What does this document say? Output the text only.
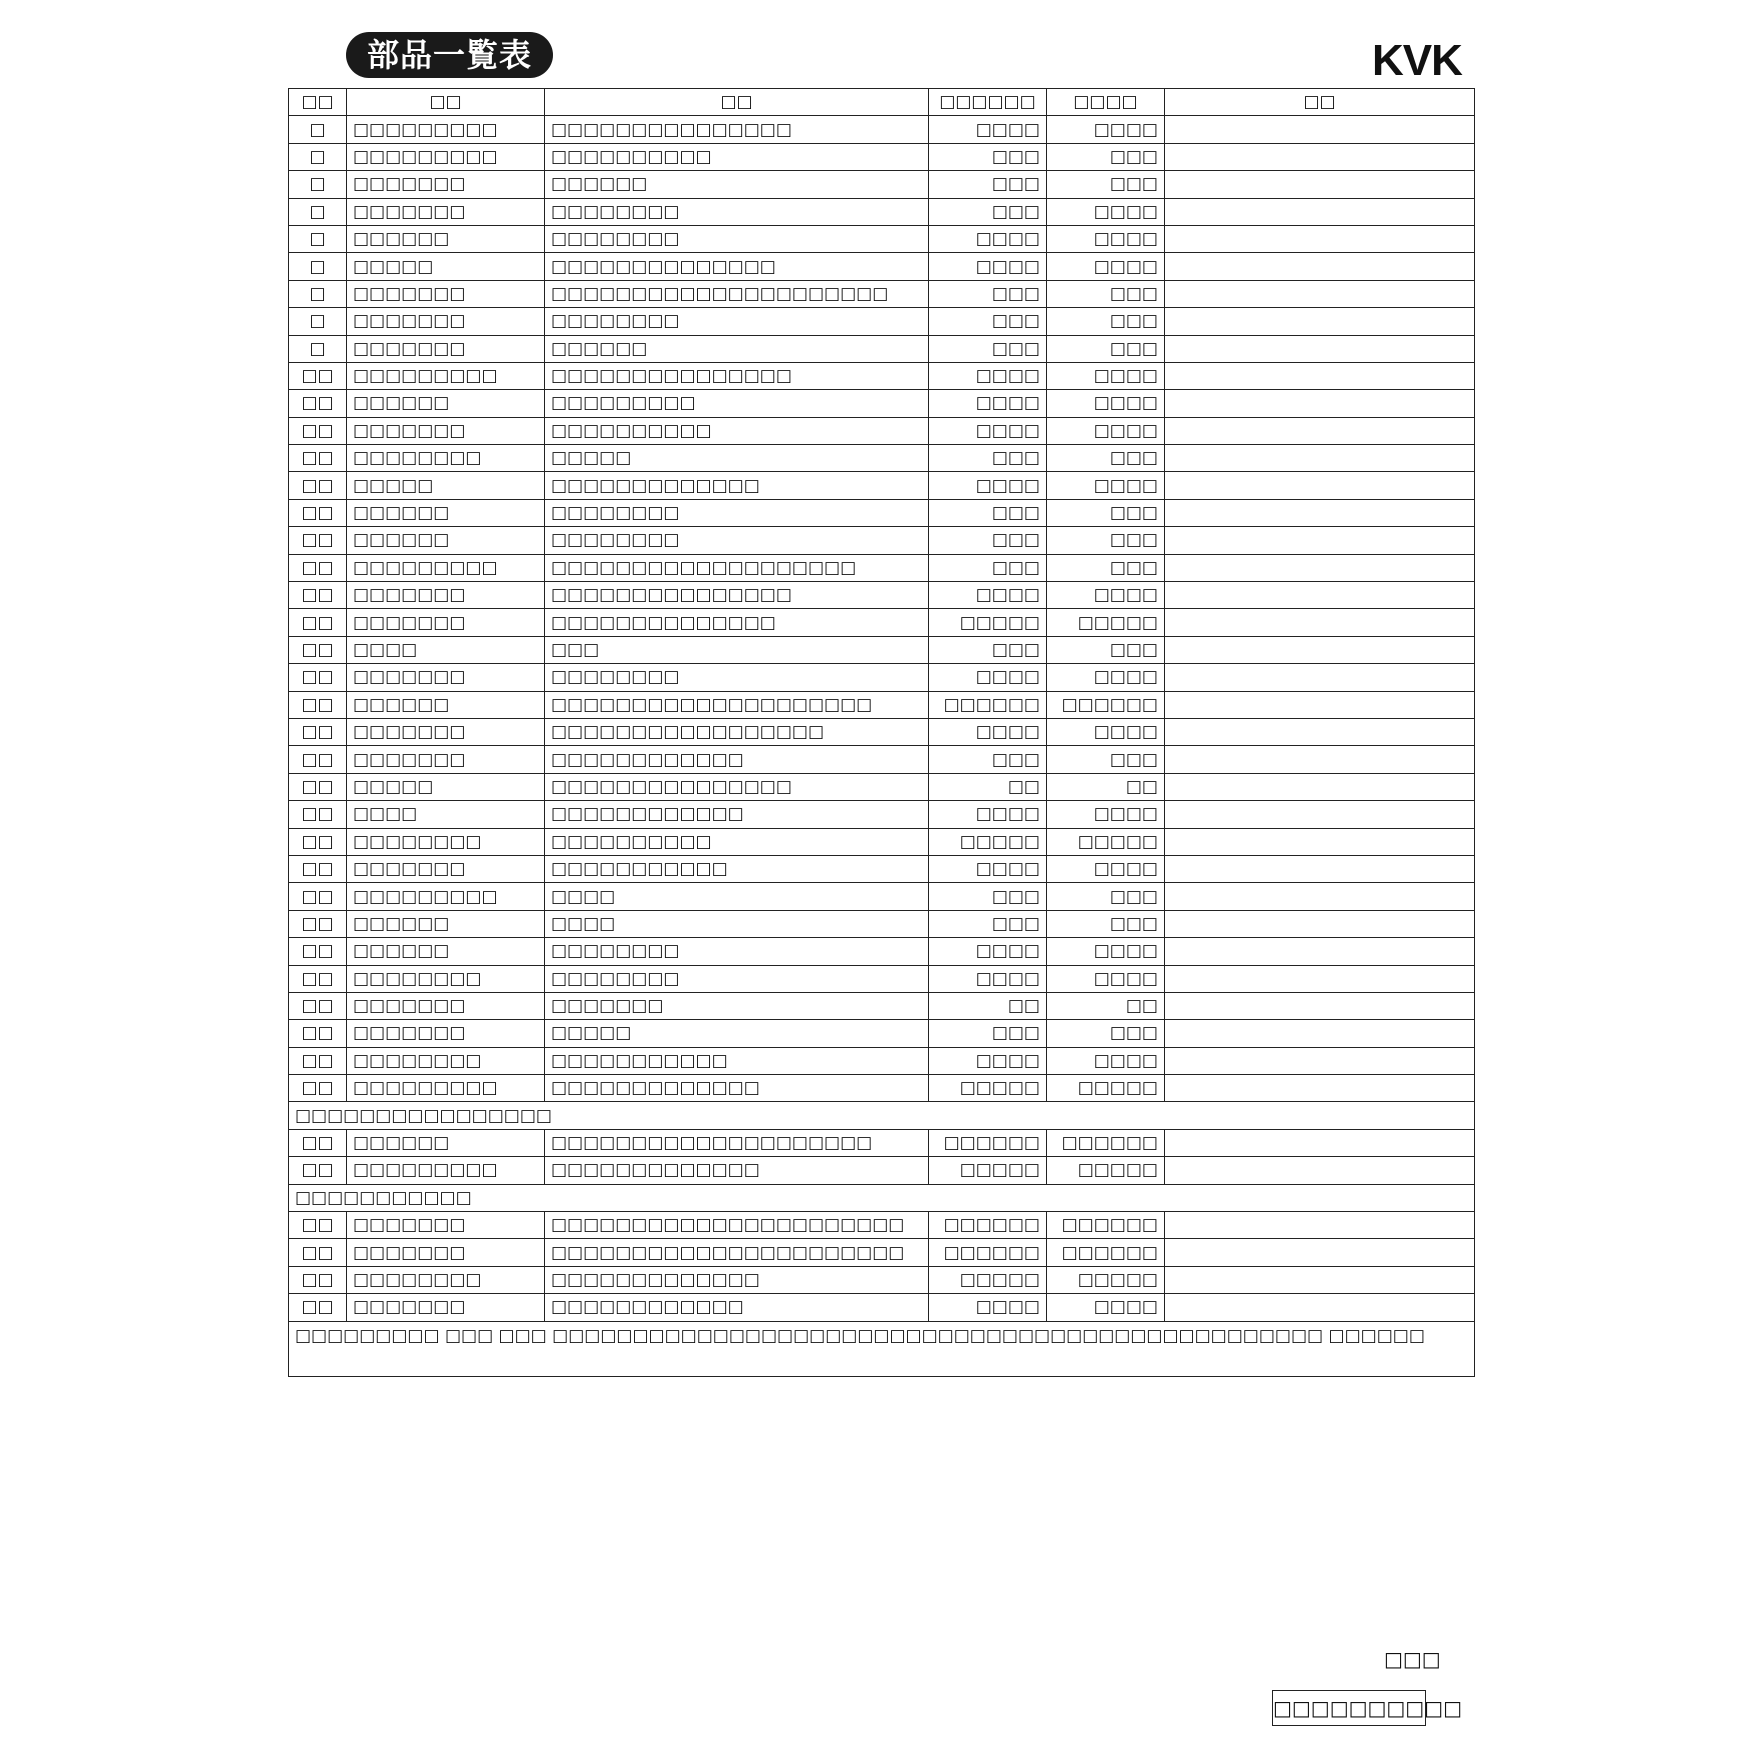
部品一覧表	KVK
□□	□□	□□	□□□□□□	□□□□	□□
□	□□□□□□□□□	□□□□□□□□□□□□□□□	□□□□	□□□□	
□	□□□□□□□□□	□□□□□□□□□□	□□□	□□□	
□	□□□□□□□	□□□□□□	□□□	□□□	
□	□□□□□□□	□□□□□□□□	□□□	□□□□	
□	□□□□□□	□□□□□□□□	□□□□	□□□□	
□	□□□□□	□□□□□□□□□□□□□□	□□□□	□□□□	
□	□□□□□□□	□□□□□□□□□□□□□□□□□□□□□	□□□	□□□	
□	□□□□□□□	□□□□□□□□	□□□	□□□	
□	□□□□□□□	□□□□□□	□□□	□□□	
□□	□□□□□□□□□	□□□□□□□□□□□□□□□	□□□□	□□□□	
□□	□□□□□□	□□□□□□□□□	□□□□	□□□□	
□□	□□□□□□□	□□□□□□□□□□	□□□□	□□□□	
□□	□□□□□□□□	□□□□□	□□□	□□□	
□□	□□□□□	□□□□□□□□□□□□□	□□□□	□□□□	
□□	□□□□□□	□□□□□□□□	□□□	□□□	
□□	□□□□□□	□□□□□□□□	□□□	□□□	
□□	□□□□□□□□□	□□□□□□□□□□□□□□□□□□□	□□□	□□□	
□□	□□□□□□□	□□□□□□□□□□□□□□□	□□□□	□□□□	
□□	□□□□□□□	□□□□□□□□□□□□□□	□□□□□	□□□□□	
□□	□□□□	□□□	□□□	□□□	
□□	□□□□□□□	□□□□□□□□	□□□□	□□□□	
□□	□□□□□□	□□□□□□□□□□□□□□□□□□□□	□□□□□□	□□□□□□	
□□	□□□□□□□	□□□□□□□□□□□□□□□□□	□□□□	□□□□	
□□	□□□□□□□	□□□□□□□□□□□□	□□□	□□□	
□□	□□□□□	□□□□□□□□□□□□□□□	□□	□□	
□□	□□□□	□□□□□□□□□□□□	□□□□	□□□□	
□□	□□□□□□□□	□□□□□□□□□□	□□□□□	□□□□□	
□□	□□□□□□□	□□□□□□□□□□□	□□□□	□□□□	
□□	□□□□□□□□□	□□□□	□□□	□□□	
□□	□□□□□□	□□□□	□□□	□□□	
□□	□□□□□□	□□□□□□□□	□□□□	□□□□	
□□	□□□□□□□□	□□□□□□□□	□□□□	□□□□	
□□	□□□□□□□	□□□□□□□	□□	□□	
□□	□□□□□□□	□□□□□	□□□	□□□	
□□	□□□□□□□□	□□□□□□□□□□□	□□□□	□□□□	
□□	□□□□□□□□□	□□□□□□□□□□□□□	□□□□□	□□□□□	
□□□□□□□□□□□□□□□□					
□□	□□□□□□	□□□□□□□□□□□□□□□□□□□□	□□□□□□	□□□□□□	
□□	□□□□□□□□□	□□□□□□□□□□□□□	□□□□□	□□□□□	
□□□□□□□□□□□					
□□	□□□□□□□	□□□□□□□□□□□□□□□□□□□□□□	□□□□□□	□□□□□□	
□□	□□□□□□□	□□□□□□□□□□□□□□□□□□□□□□	□□□□□□	□□□□□□	
□□	□□□□□□□□	□□□□□□□□□□□□□	□□□□□	□□□□□	
□□	□□□□□□□	□□□□□□□□□□□□	□□□□	□□□□	
□□□□□□□□□ □□□ □□□ □□□□□□□□□□□□□□□□□□□□□□□□□□□□□□□□□□□□□□□□□□□□□□□□ □□□□□□					
□□□
□□□□□□□□□□
